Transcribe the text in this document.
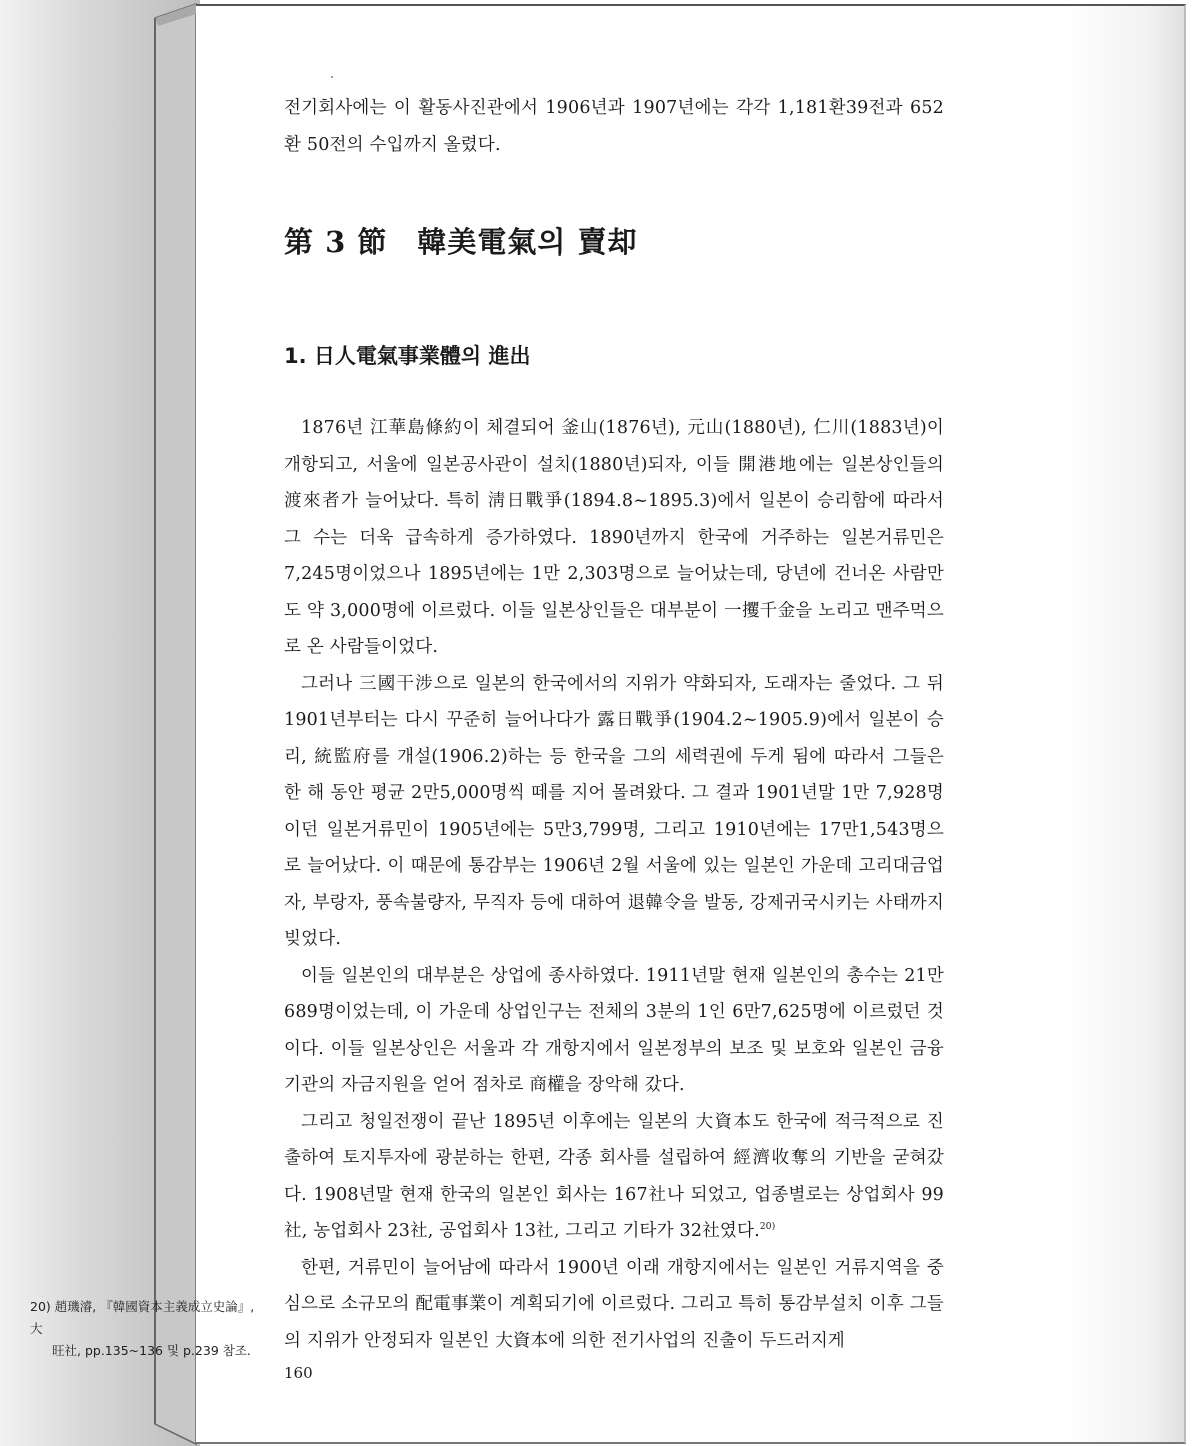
전기회사에는 이 활동사진관에서 1906년과 1907년에는 각각 1,181환39전과 652환 50전의 수입까지 올렸다.

第 3 節　韓美電氣의 賣却
1. 日人電氣事業體의 進出

1876년 江華島條約이 체결되어 釜山(1876년), 元山(1880년), 仁川(1883년)이 개항되고, 서울에 일본공사관이 설치(1880년)되자, 이들 開港地에는 일본상인들의 渡來者가 늘어났다. 특히 淸日戰爭(1894.8~1895.3)에서 일본이 승리함에 따라서 그 수는 더욱 급속하게 증가하였다. 1890년까지 한국에 거주하는 일본거류민은 7,245명이었으나 1895년에는 1만 2,303명으로 늘어났는데, 당년에 건너온 사람만도 약 3,000명에 이르렀다. 이들 일본상인들은 대부분이 一攫千金을 노리고 맨주먹으로 온 사람들이었다.

그러나 三國干涉으로 일본의 한국에서의 지위가 약화되자, 도래자는 줄었다. 그 뒤 1901년부터는 다시 꾸준히 늘어나다가 露日戰爭(1904.2~1905.9)에서 일본이 승리, 統監府를 개설(1906.2)하는 등 한국을 그의 세력권에 두게 됨에 따라서 그들은 한 해 동안 평균 2만5,000명씩 떼를 지어 몰려왔다. 그 결과 1901년말 1만 7,928명이던 일본거류민이 1905년에는 5만3,799명, 그리고 1910년에는 17만1,543명으로 늘어났다. 이 때문에 통감부는 1906년 2월 서울에 있는 일본인 가운데 고리대금업자, 부랑자, 풍속불량자, 무직자 등에 대하여 退韓令을 발동, 강제귀국시키는 사태까지 빚었다.

이들 일본인의 대부분은 상업에 종사하였다. 1911년말 현재 일본인의 총수는 21만689명이었는데, 이 가운데 상업인구는 전체의 3분의 1인 6만7,625명에 이르렀던 것이다. 이들 일본상인은 서울과 각 개항지에서 일본정부의 보조 및 보호와 일본인 금융기관의 자금지원을 얻어 점차로 商權을 장악해 갔다.

그리고 청일전쟁이 끝난 1895년 이후에는 일본의 大資本도 한국에 적극적으로 진출하여 토지투자에 광분하는 한편, 각종 회사를 설립하여 經濟收奪의 기반을 굳혀갔다. 1908년말 현재 한국의 일본인 회사는 167社나 되었고, 업종별로는 상업회사 99社, 농업회사 23社, 공업회사 13社, 그리고 기타가 32社였다.$^{20)}$

한편, 거류민이 늘어남에 따라서 1900년 이래 개항지에서는 일본인 거류지역을 중심으로 소규모의 配電事業이 계획되기에 이르렀다. 그리고 특히 통감부설치 이후 그들의 지위가 안정되자 일본인 大資本에 의한 전기사업의 진출이 두드러지게

20) 趙璣濬, 『韓國資本主義成立史論』, 大
旺社, pp.135~136 및 p.239 참조.
160
